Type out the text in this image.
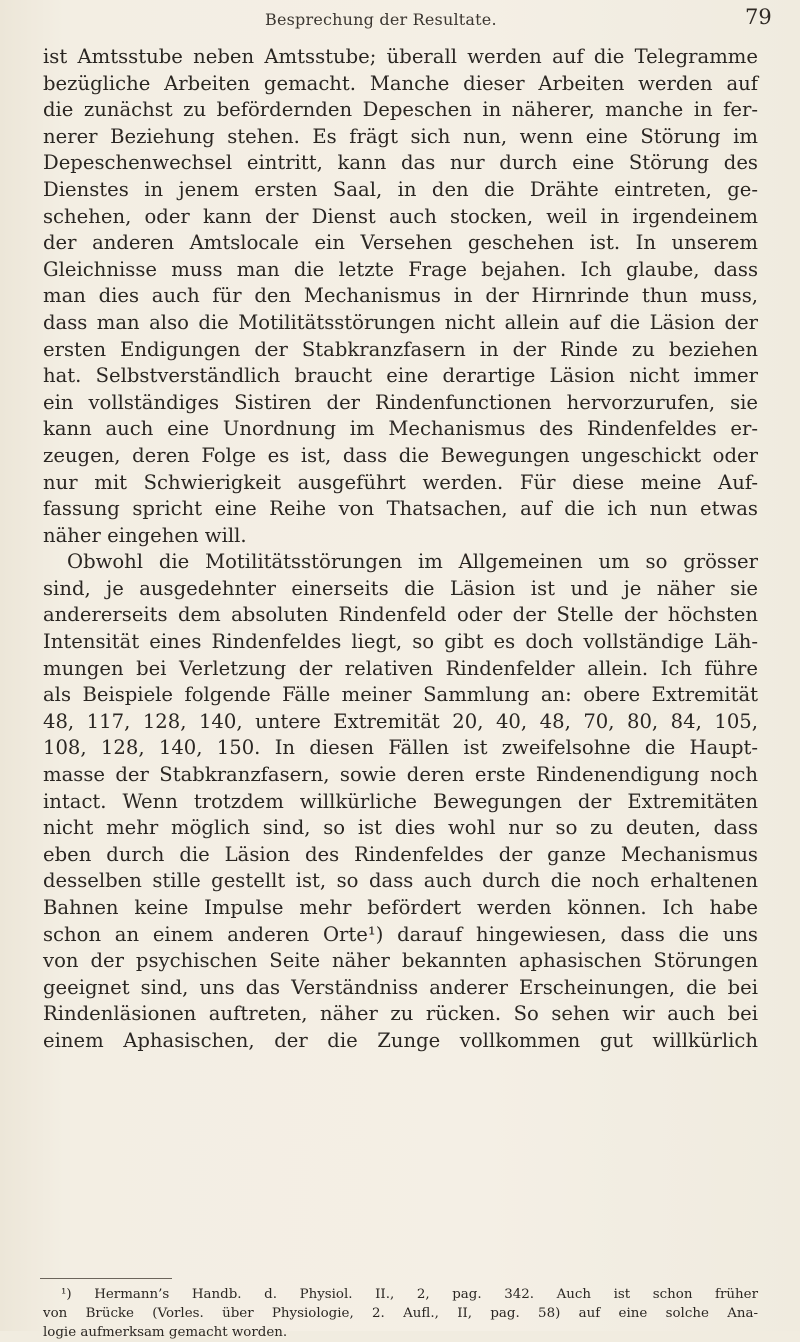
Besprechung der Resultate.	79
ist Amtsstube neben Amtsstube; überall werden auf die Telegramme
bezügliche Arbeiten gemacht. Manche dieser Arbeiten werden auf
die zunächst zu befördernden Depeschen in näherer, manche in fer-
nerer Beziehung stehen. Es frägt sich nun, wenn eine Störung im
Depeschenwechsel eintritt, kann das nur durch eine Störung des
Dienstes in jenem ersten Saal, in den die Drähte eintreten, ge-
schehen, oder kann der Dienst auch stocken, weil in irgendeinem
der anderen Amtslocale ein Versehen geschehen ist. In unserem
Gleichnisse muss man die letzte Frage bejahen. Ich glaube, dass
man dies auch für den Mechanismus in der Hirnrinde thun muss,
dass man also die Motilitätsstörungen nicht allein auf die Läsion der
ersten Endigungen der Stabkranzfasern in der Rinde zu beziehen
hat. Selbstverständlich braucht eine derartige Läsion nicht immer
ein vollständiges Sistiren der Rindenfunctionen hervorzurufen, sie
kann auch eine Unordnung im Mechanismus des Rindenfeldes er-
zeugen, deren Folge es ist, dass die Bewegungen ungeschickt oder
nur mit Schwierigkeit ausgeführt werden. Für diese meine Auf-
fassung spricht eine Reihe von Thatsachen, auf die ich nun etwas
näher eingehen will.
Obwohl die Motilitätsstörungen im Allgemeinen um so grösser
sind, je ausgedehnter einerseits die Läsion ist und je näher sie
andererseits dem absoluten Rindenfeld oder der Stelle der höchsten
Intensität eines Rindenfeldes liegt, so gibt es doch vollständige Läh-
mungen bei Verletzung der relativen Rindenfelder allein. Ich führe
als Beispiele folgende Fälle meiner Sammlung an: obere Extremität
48, 117, 128, 140, untere Extremität 20, 40, 48, 70, 80, 84, 105,
108, 128, 140, 150. In diesen Fällen ist zweifelsohne die Haupt-
masse der Stabkranzfasern, sowie deren erste Rindenendigung noch
intact. Wenn trotzdem willkürliche Bewegungen der Extremitäten
nicht mehr möglich sind, so ist dies wohl nur so zu deuten, dass
eben durch die Läsion des Rindenfeldes der ganze Mechanismus
desselben stille gestellt ist, so dass auch durch die noch erhaltenen
Bahnen keine Impulse mehr befördert werden können. Ich habe
schon an einem anderen Orte¹) darauf hingewiesen, dass die uns
von der psychischen Seite näher bekannten aphasischen Störungen
geeignet sind, uns das Verständniss anderer Erscheinungen, die bei
Rindenläsionen auftreten, näher zu rücken. So sehen wir auch bei
einem Aphasischen, der die Zunge vollkommen gut willkürlich
¹) Hermann’s Handb. d. Physiol. II., 2, pag. 342. Auch ist schon früher
von Brücke (Vorles. über Physiologie, 2. Aufl., II, pag. 58) auf eine solche Ana-
logie aufmerksam gemacht worden.
